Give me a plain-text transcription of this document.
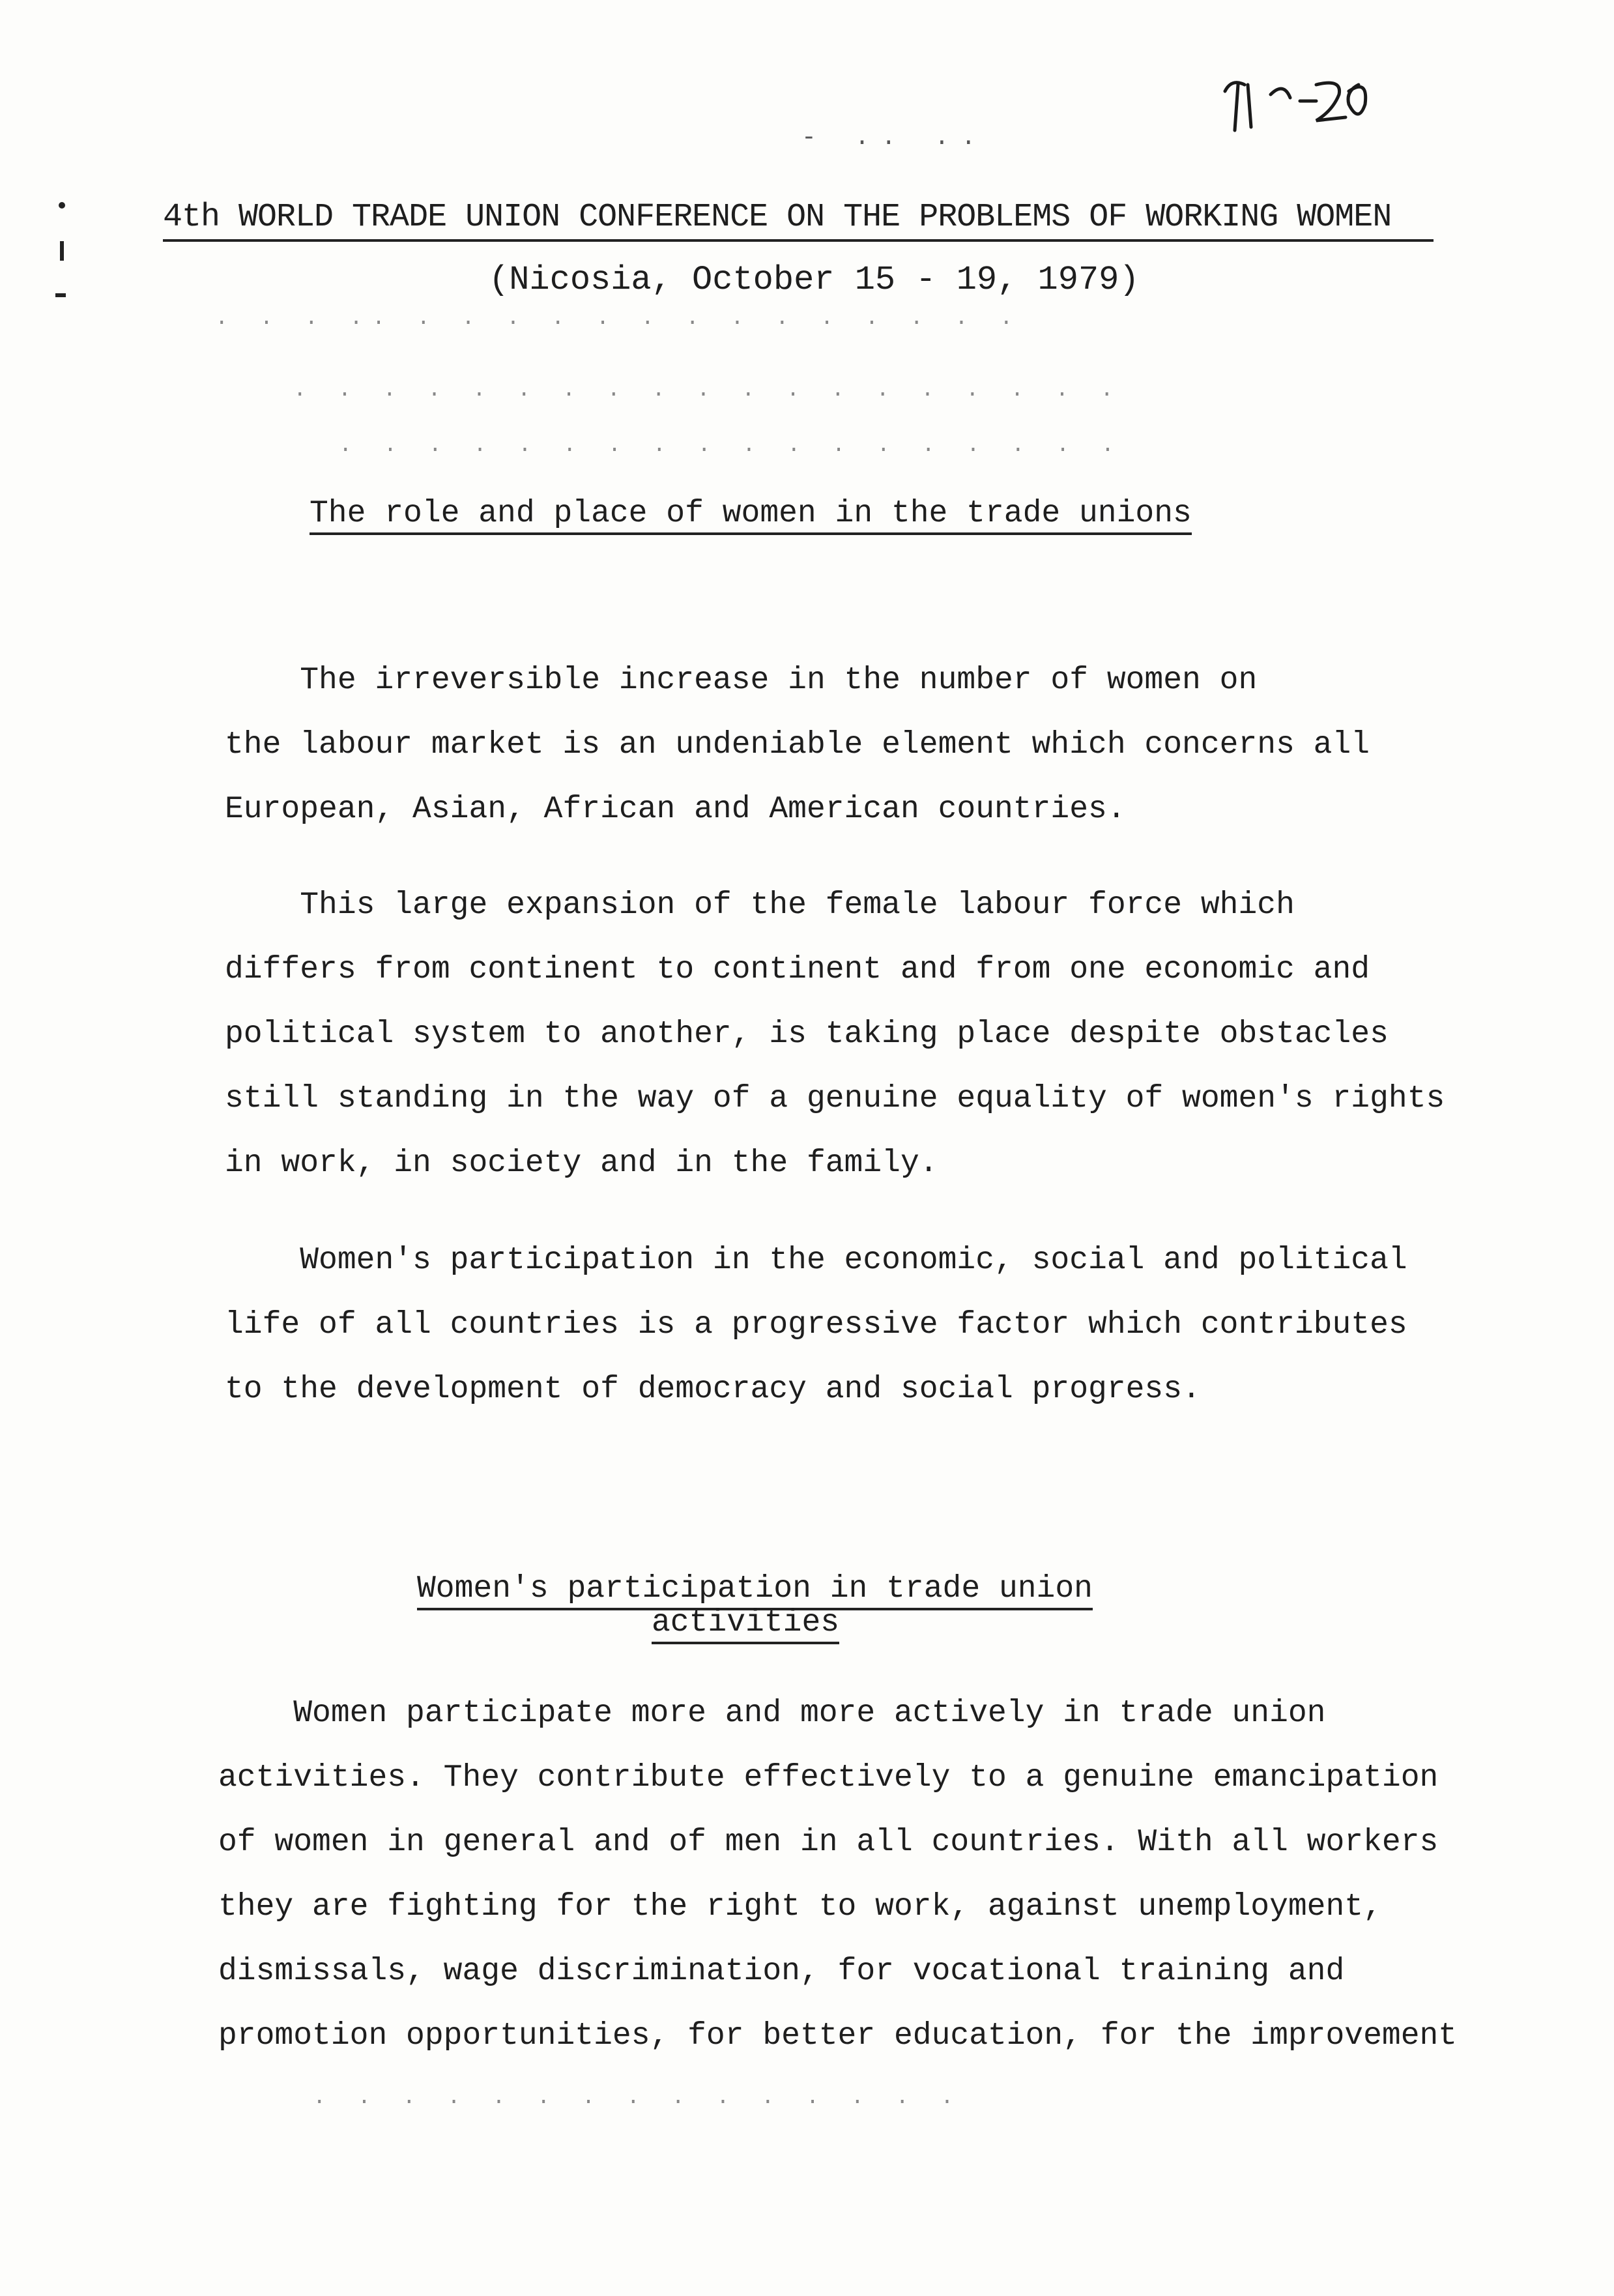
- .. ..
4th WORLD TRADE UNION CONFERENCE ON THE PROBLEMS OF WORKING WOMEN
(Nicosia, October 15 - 19, 1979)
. . . .. . . . . . . . . . . . . . .
. . . . . . . . . . . . . . . . . . .
. . . . . . . . . . . . . . . . . .
The role and place of women in the trade unions
The irreversible increase in the number of women on
the labour market is an undeniable element which concerns all
European, Asian, African and American countries.
This large expansion of the female labour force which
differs from continent to continent and from one economic and
political system to another, is taking place despite obstacles
still standing in the way of a genuine equality of women's rights
in work, in society and in the family.
Women's participation in the economic, social and political
life of all countries is a progressive factor which contributes
to the development of democracy and social progress.
Women's participation in trade union
activities
Women participate more and more actively in trade union
activities. They contribute effectively to a genuine emancipation
of women in general and of men in all countries. With all workers
they are fighting for the right to work, against unemployment,
dismissals, wage discrimination, for vocational training and
promotion opportunities, for better education, for the improvement
. . . . . . . . . . . . . . .
